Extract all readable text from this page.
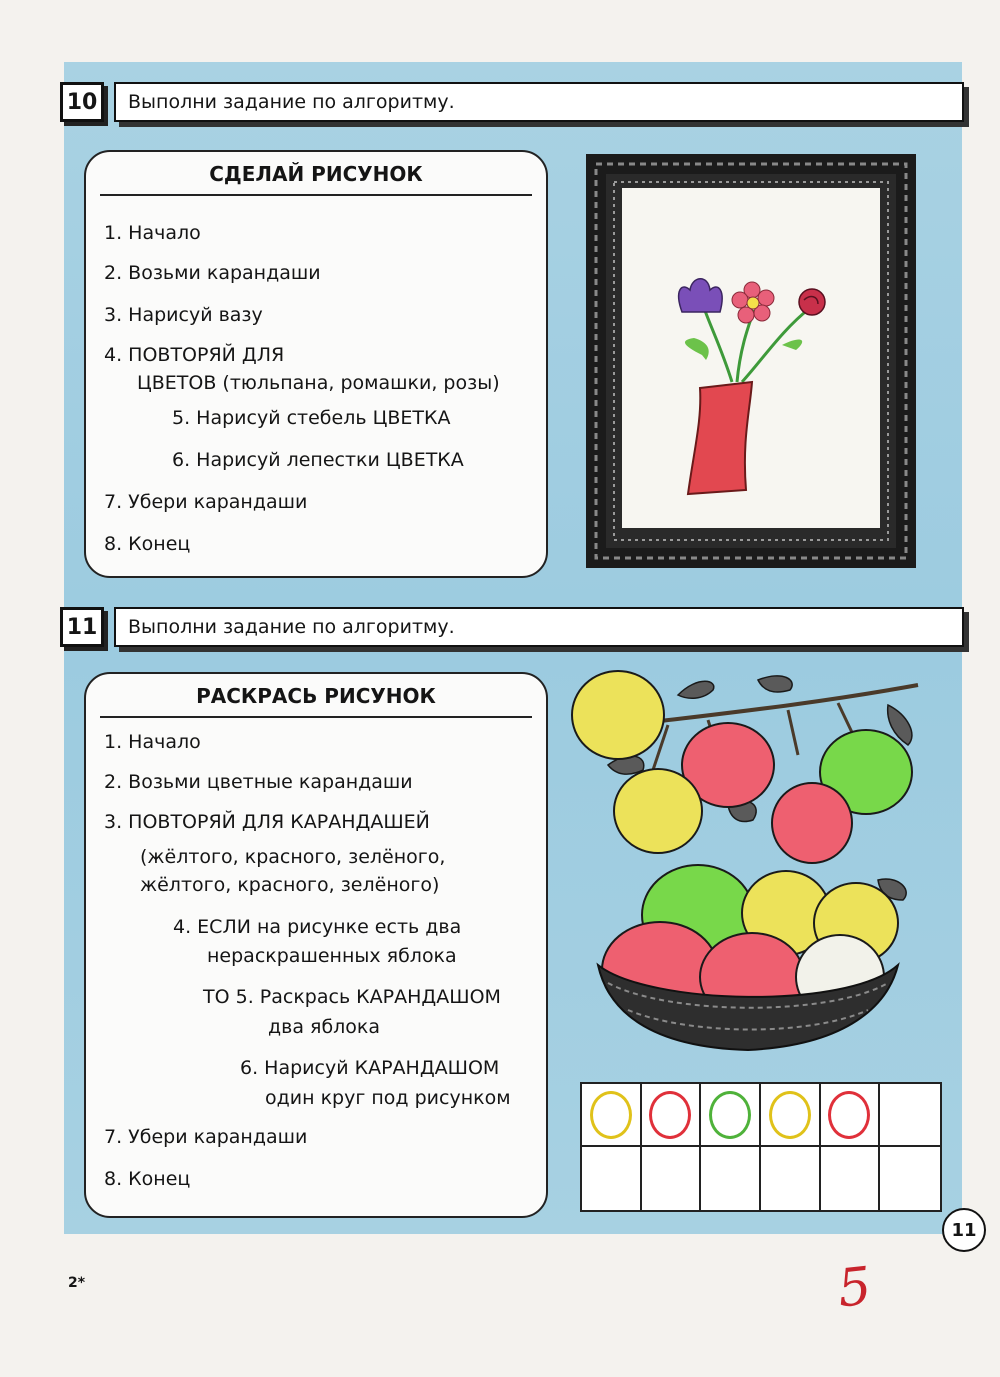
10	Выполни задание по алгоритму.
СДЕЛАЙ РИСУНОК
1. Начало
2. Возьми карандаши
3. Нарисуй вазу
4. ПОВТОРЯЙ ДЛЯ
ЦВЕТОВ (тюльпана, ромашки, розы)
5. Нарисуй стебель ЦВЕТКА
6. Нарисуй лепестки ЦВЕТКА
7. Убери карандаши
8. Конец
11	Выполни задание по алгоритму.
РАСКРАСЬ РИСУНОК
1. Начало
2. Возьми цветные карандаши
3. ПОВТОРЯЙ ДЛЯ КАРАНДАШЕЙ
(жёлтого, красного, зелёного,
жёлтого, красного, зелёного)
4. ЕСЛИ на рисунке есть два
нераскрашенных яблока
ТО 5. Раскрась КАРАНДАШОМ
два яблока
6. Нарисуй КАРАНДАШОМ
один круг под рисунком
7. Убери карандаши
8. Конец
11
2*	5
